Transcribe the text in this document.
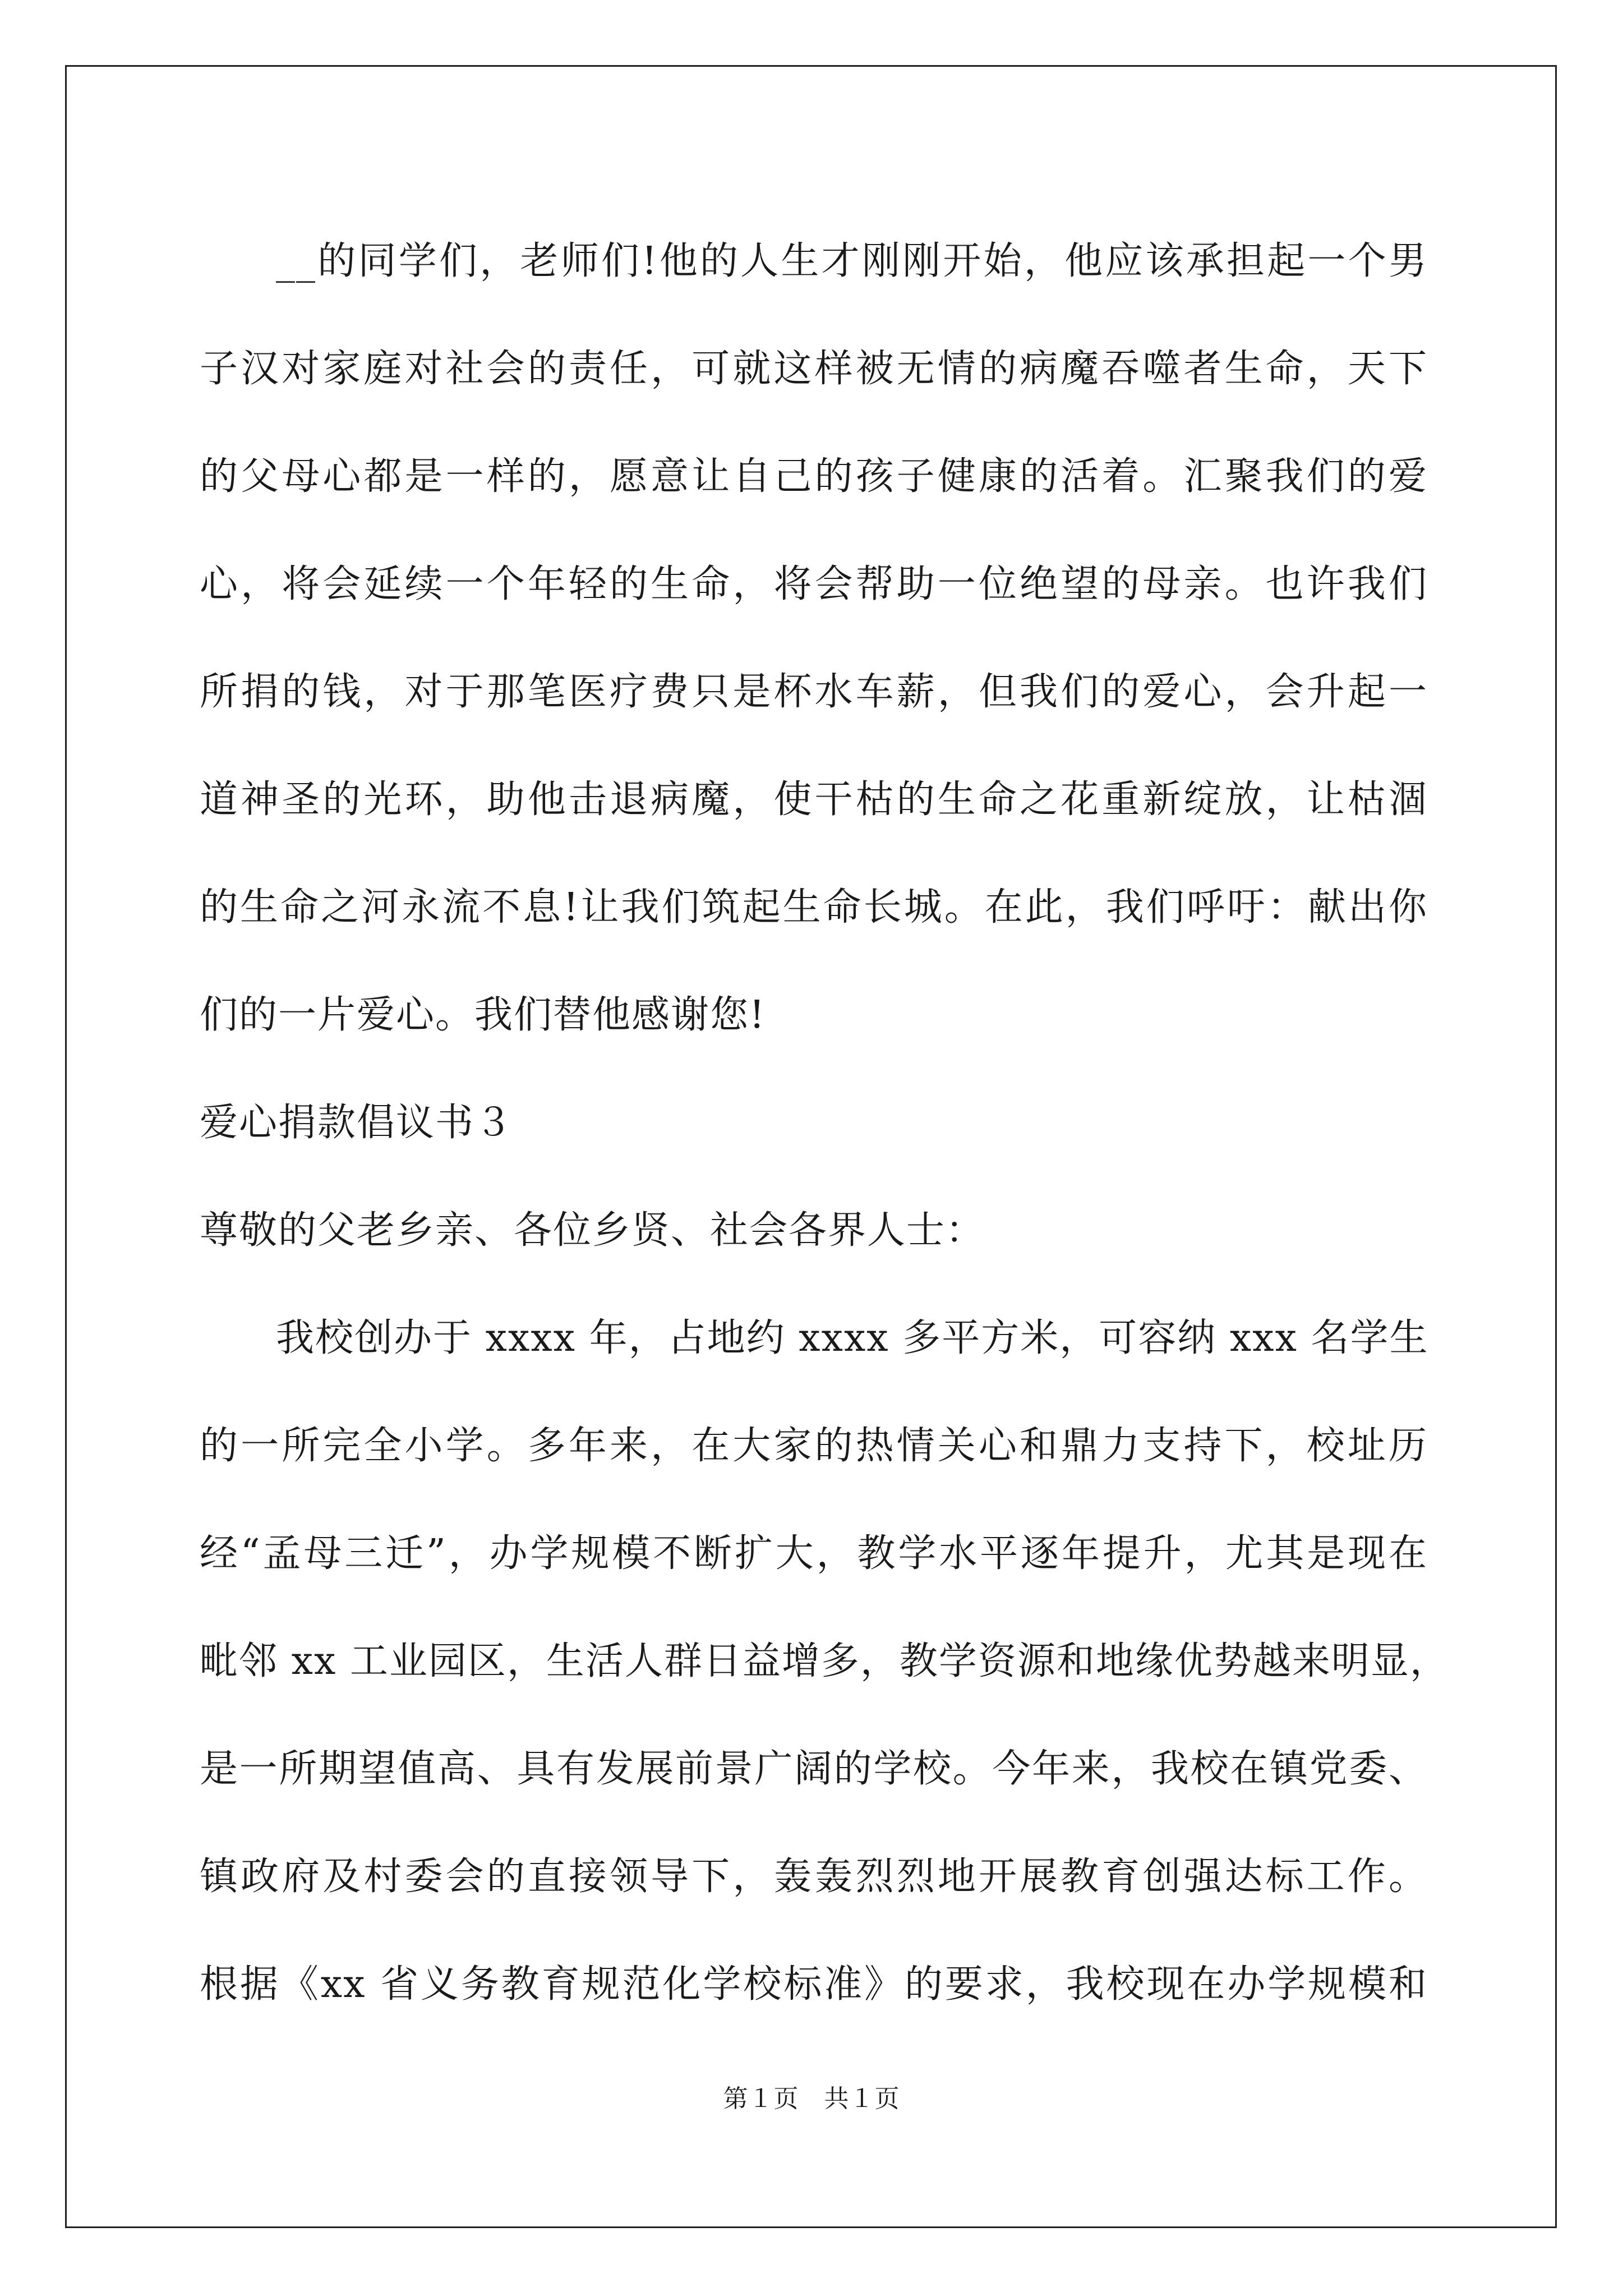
__的同学们，老师们!他的人生才刚刚开始，他应该承担起一个男
子汉对家庭对社会的责任，可就这样被无情的病魔吞噬者生命，天下
的父母心都是一样的，愿意让自己的孩子健康的活着。汇聚我们的爱
心，将会延续一个年轻的生命，将会帮助一位绝望的母亲。也许我们
所捐的钱，对于那笔医疗费只是杯水车薪，但我们的爱心，会升起一
道神圣的光环，助他击退病魔，使干枯的生命之花重新绽放，让枯涸
的生命之河永流不息!让我们筑起生命长城。在此，我们呼吁：献出你
们的一片爱心。我们替他感谢您!
爱心捐款倡议书３
尊敬的父老乡亲、各位乡贤、社会各界人士：
我校创办于 xxxx 年，占地约 xxxx 多平方米，可容纳 xxx 名学生
的一所完全小学。多年来，在大家的热情关心和鼎力支持下，校址历
经“孟母三迁”，办学规模不断扩大，教学水平逐年提升，尤其是现在
毗邻 xx 工业园区，生活人群日益增多，教学资源和地缘优势越来明显，
是一所期望值高、具有发展前景广阔的学校。今年来，我校在镇党委、
镇政府及村委会的直接领导下，轰轰烈烈地开展教育创强达标工作。
根据《xx 省义务教育规范化学校标准》的要求，我校现在办学规模和
第１页　共１页
